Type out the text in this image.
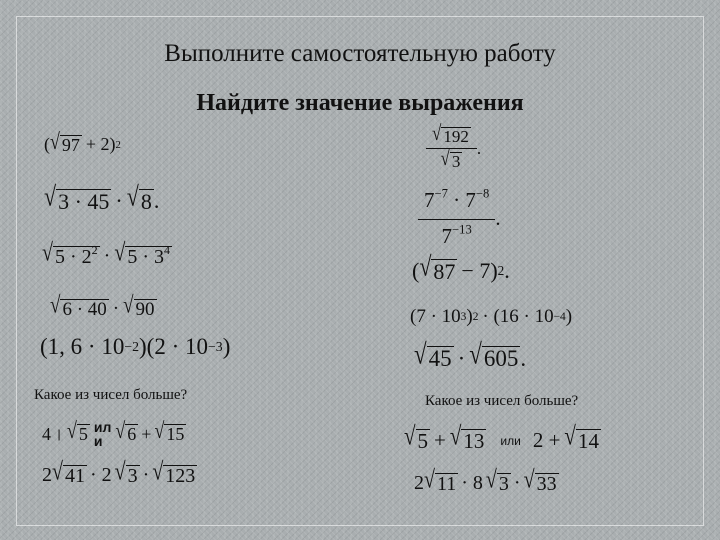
Выполните самостоятельную работу
Найдите значение выражения
( √ 97 + 2) 2
√ 3 · 45 · √ 8 .
√ $5 \cdot 2^2$ · √ $5 \cdot 3^4$
√ 6 · 40 · √ 90
(1, 6 · 10 −2 )(2 · 10 −3 )
Какое из чисел больше?
4 | √ 5 ил
и √ 6 + √ 15
2 √ 41 · 2 √ 3 · √ 123
$\frac{√ 192}{√ 3}$ .
$\frac{7^{-7} \cdot 7^{-8}}{7^{-13}}$ .
( √ 87 − 7) 2 .
(7 · 10 3 ) 2 · (16 · 10 −4 )
√ 45 · √ 605 .
Какое из чисел больше?
√ 5 + √ 13 или 2 + √ 14
2 √ 11 · 8 √ 3 · √ 33
